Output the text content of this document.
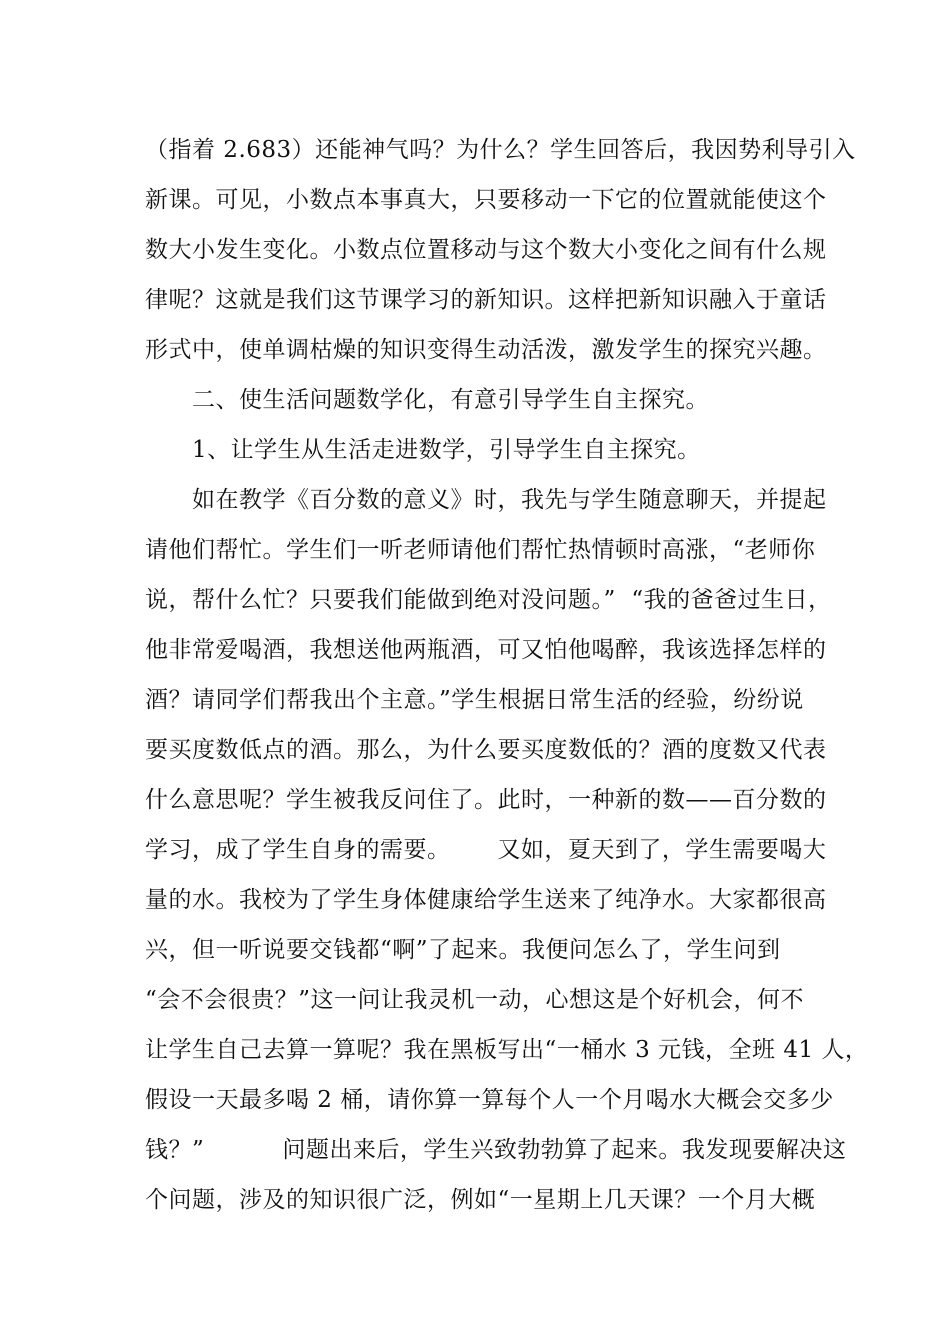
（指着 2.683）还能神气吗？为什么？学生回答后，我因势利导引入
新课。可见，小数点本事真大，只要移动一下它的位置就能使这个
数大小发生变化。小数点位置移动与这个数大小变化之间有什么规
律呢？这就是我们这节课学习的新知识。这样把新知识融入于童话
形式中，使单调枯燥的知识变得生动活泼，激发学生的探究兴趣。
二、使生活问题数学化，有意引导学生自主探究。
1、让学生从生活走进数学，引导学生自主探究。
如在教学《百分数的意义》时，我先与学生随意聊天，并提起
请他们帮忙。学生们一听老师请他们帮忙热情顿时高涨，“老师你
说，帮什么忙？只要我们能做到绝对没问题。”  “我的爸爸过生日，
他非常爱喝酒，我想送他两瓶酒，可又怕他喝醉，我该选择怎样的
酒？请同学们帮我出个主意。”学生根据日常生活的经验，纷纷说
要买度数低点的酒。那么，为什么要买度数低的？酒的度数又代表
什么意思呢？学生被我反问住了。此时，一种新的数——百分数的
学习，成了学生自身的需要。      又如，夏天到了，学生需要喝大
量的水。我校为了学生身体健康给学生送来了纯净水。大家都很高
兴，但一听说要交钱都“啊”了起来。我便问怎么了，学生问到
“会不会很贵？”这一问让我灵机一动，心想这是个好机会，何不
让学生自己去算一算呢？我在黑板写出“一桶水 3 元钱，全班 41 人，
假设一天最多喝 2 桶，请你算一算每个人一个月喝水大概会交多少
钱？”          问题出来后，学生兴致勃勃算了起来。我发现要解决这
个问题，涉及的知识很广泛，例如“一星期上几天课？一个月大概
